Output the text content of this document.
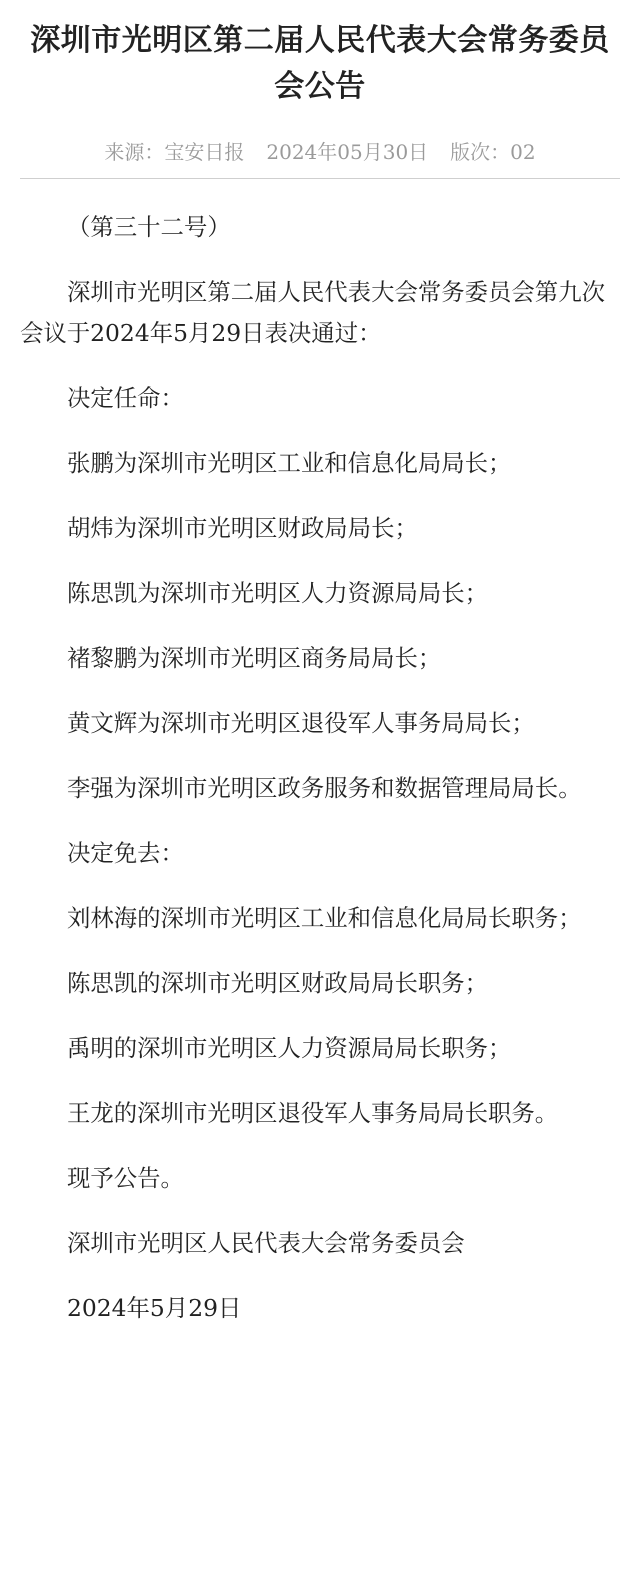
深圳市光明区第二届人民代表大会常务委员会公告
来源：宝安日报 2024年05月30日 版次：02

（第三十二号）

深圳市光明区第二届人民代表大会常务委员会第九次会议于2024年5月29日表决通过：

决定任命：

张鹏为深圳市光明区工业和信息化局局长；

胡炜为深圳市光明区财政局局长；

陈思凯为深圳市光明区人力资源局局长；

褚黎鹏为深圳市光明区商务局局长；

黄文辉为深圳市光明区退役军人事务局局长；

李强为深圳市光明区政务服务和数据管理局局长。

决定免去：

刘林海的深圳市光明区工业和信息化局局长职务；

陈思凯的深圳市光明区财政局局长职务；

禹明的深圳市光明区人力资源局局长职务；

王龙的深圳市光明区退役军人事务局局长职务。

现予公告。

深圳市光明区人民代表大会常务委员会

2024年5月29日
